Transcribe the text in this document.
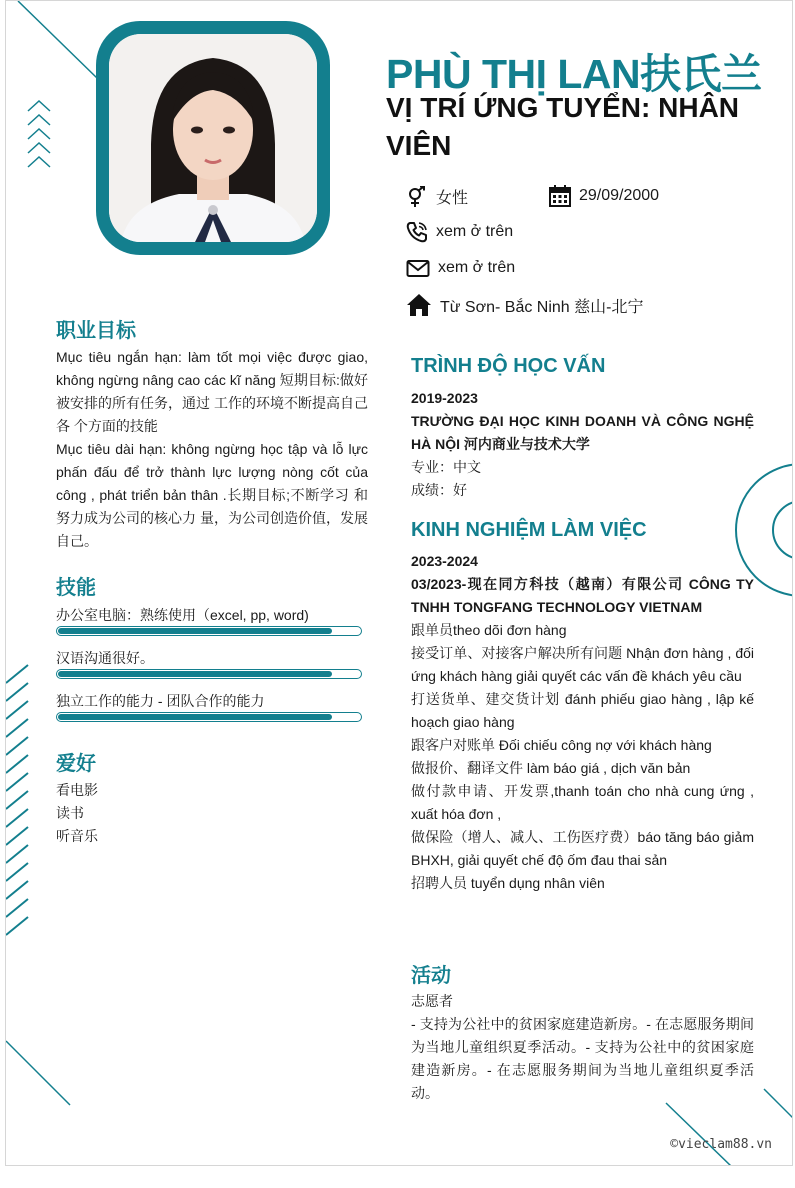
PHÙ THỊ LAN扶氏兰
VỊ TRÍ ỨNG TUYỂN: NHÂN VIÊN
女性	29/09/2000
xem ở trên
xem ở trên
Từ Sơn- Bắc Ninh 慈山-北宁
职业目标
Mục tiêu ngắn hạn: làm tốt mọi việc được giao, không ngừng nâng cao các kĩ năng 短期目标:做好被安排的所有任务，通过 工作的环境不断提高自己各 个方面的技能
Mục tiêu dài hạn: không ngừng học tập và lỗ lực phấn đấu để trở thành lực lượng nòng cốt của công , phát triển bản thân .长期目标;不断学习 和努力成为公司的核心力 量，为公司创造价值，发展自己。
技能
办公室电脑：熟练使用（excel, pp, word)
汉语沟通很好。
独立工作的能力 - 团队合作的能力
爱好
看电影
读书
听音乐
TRÌNH ĐỘ HỌC VẤN
2019-2023
TRƯỜNG ĐẠI HỌC KINH DOANH VÀ CÔNG NGHỆ HÀ NỘI 河内商业与技术大学
专业：中文
成绩：好
KINH NGHIỆM LÀM VIỆC
2023-2024
03/2023-现在同方科技（越南）有限公司 CÔNG TY TNHH TONGFANG TECHNOLOGY VIETNAM
跟单员theo dõi đơn hàng
接受订单、对接客户解决所有问题 Nhận đơn hàng , đối ứng khách hàng giải quyết các vấn đề khách yêu cầu
打送货单、建交货计划 đánh phiếu giao hàng , lập kế hoạch giao hàng
跟客户对账单 Đối chiếu công nợ với khách hàng
做报价、翻译文件 làm báo giá , dịch văn bản
做付款申请、开发票,thanh toán cho nhà cung ứng , xuất hóa đơn ,
做保险（增人、减人、工伤医疗费）báo tăng báo giảm BHXH, giải quyết chế độ ốm đau thai sản
招聘人员 tuyển dụng nhân viên
活动
志愿者
- 支持为公社中的贫困家庭建造新房。- 在志愿服务期间为当地儿童组织夏季活动。- 支持为公社中的贫困家庭建造新房。- 在志愿服务期间为当地儿童组织夏季活动。
©vieclam88.vn
